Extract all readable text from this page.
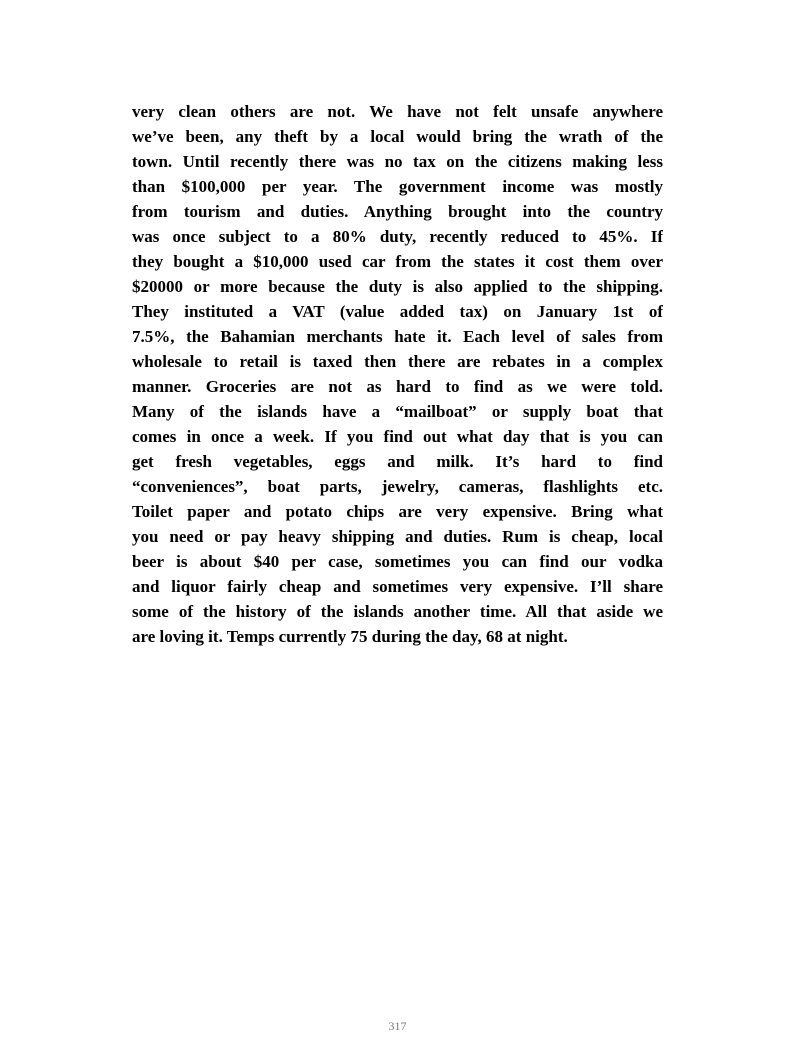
very clean others are not. We have not felt unsafe anywhere
we’ve been, any theft by a local would bring the wrath of the
town. Until recently there was no tax on the citizens making less
than $100,000 per year. The government income was mostly
from tourism and duties. Anything brought into the country
was once subject to a 80% duty, recently reduced to 45%. If
they bought a $10,000 used car from the states it cost them over
$20000 or more because the duty is also applied to the shipping.
They instituted a VAT (value added tax) on January 1st of
7.5%, the Bahamian merchants hate it. Each level of sales from
wholesale to retail is taxed then there are rebates in a complex
manner. Groceries are not as hard to find as we were told.
Many of the islands have a “mailboat” or supply boat that
comes in once a week. If you find out what day that is you can
get fresh vegetables, eggs and milk. It’s hard to find
“conveniences”, boat parts, jewelry, cameras, flashlights etc.
Toilet paper and potato chips are very expensive. Bring what
you need or pay heavy shipping and duties. Rum is cheap, local
beer is about $40 per case, sometimes you can find our vodka
and liquor fairly cheap and sometimes very expensive. I’ll share
some of the history of the islands another time. All that aside we
are loving it. Temps currently 75 during the day, 68 at night.
317
